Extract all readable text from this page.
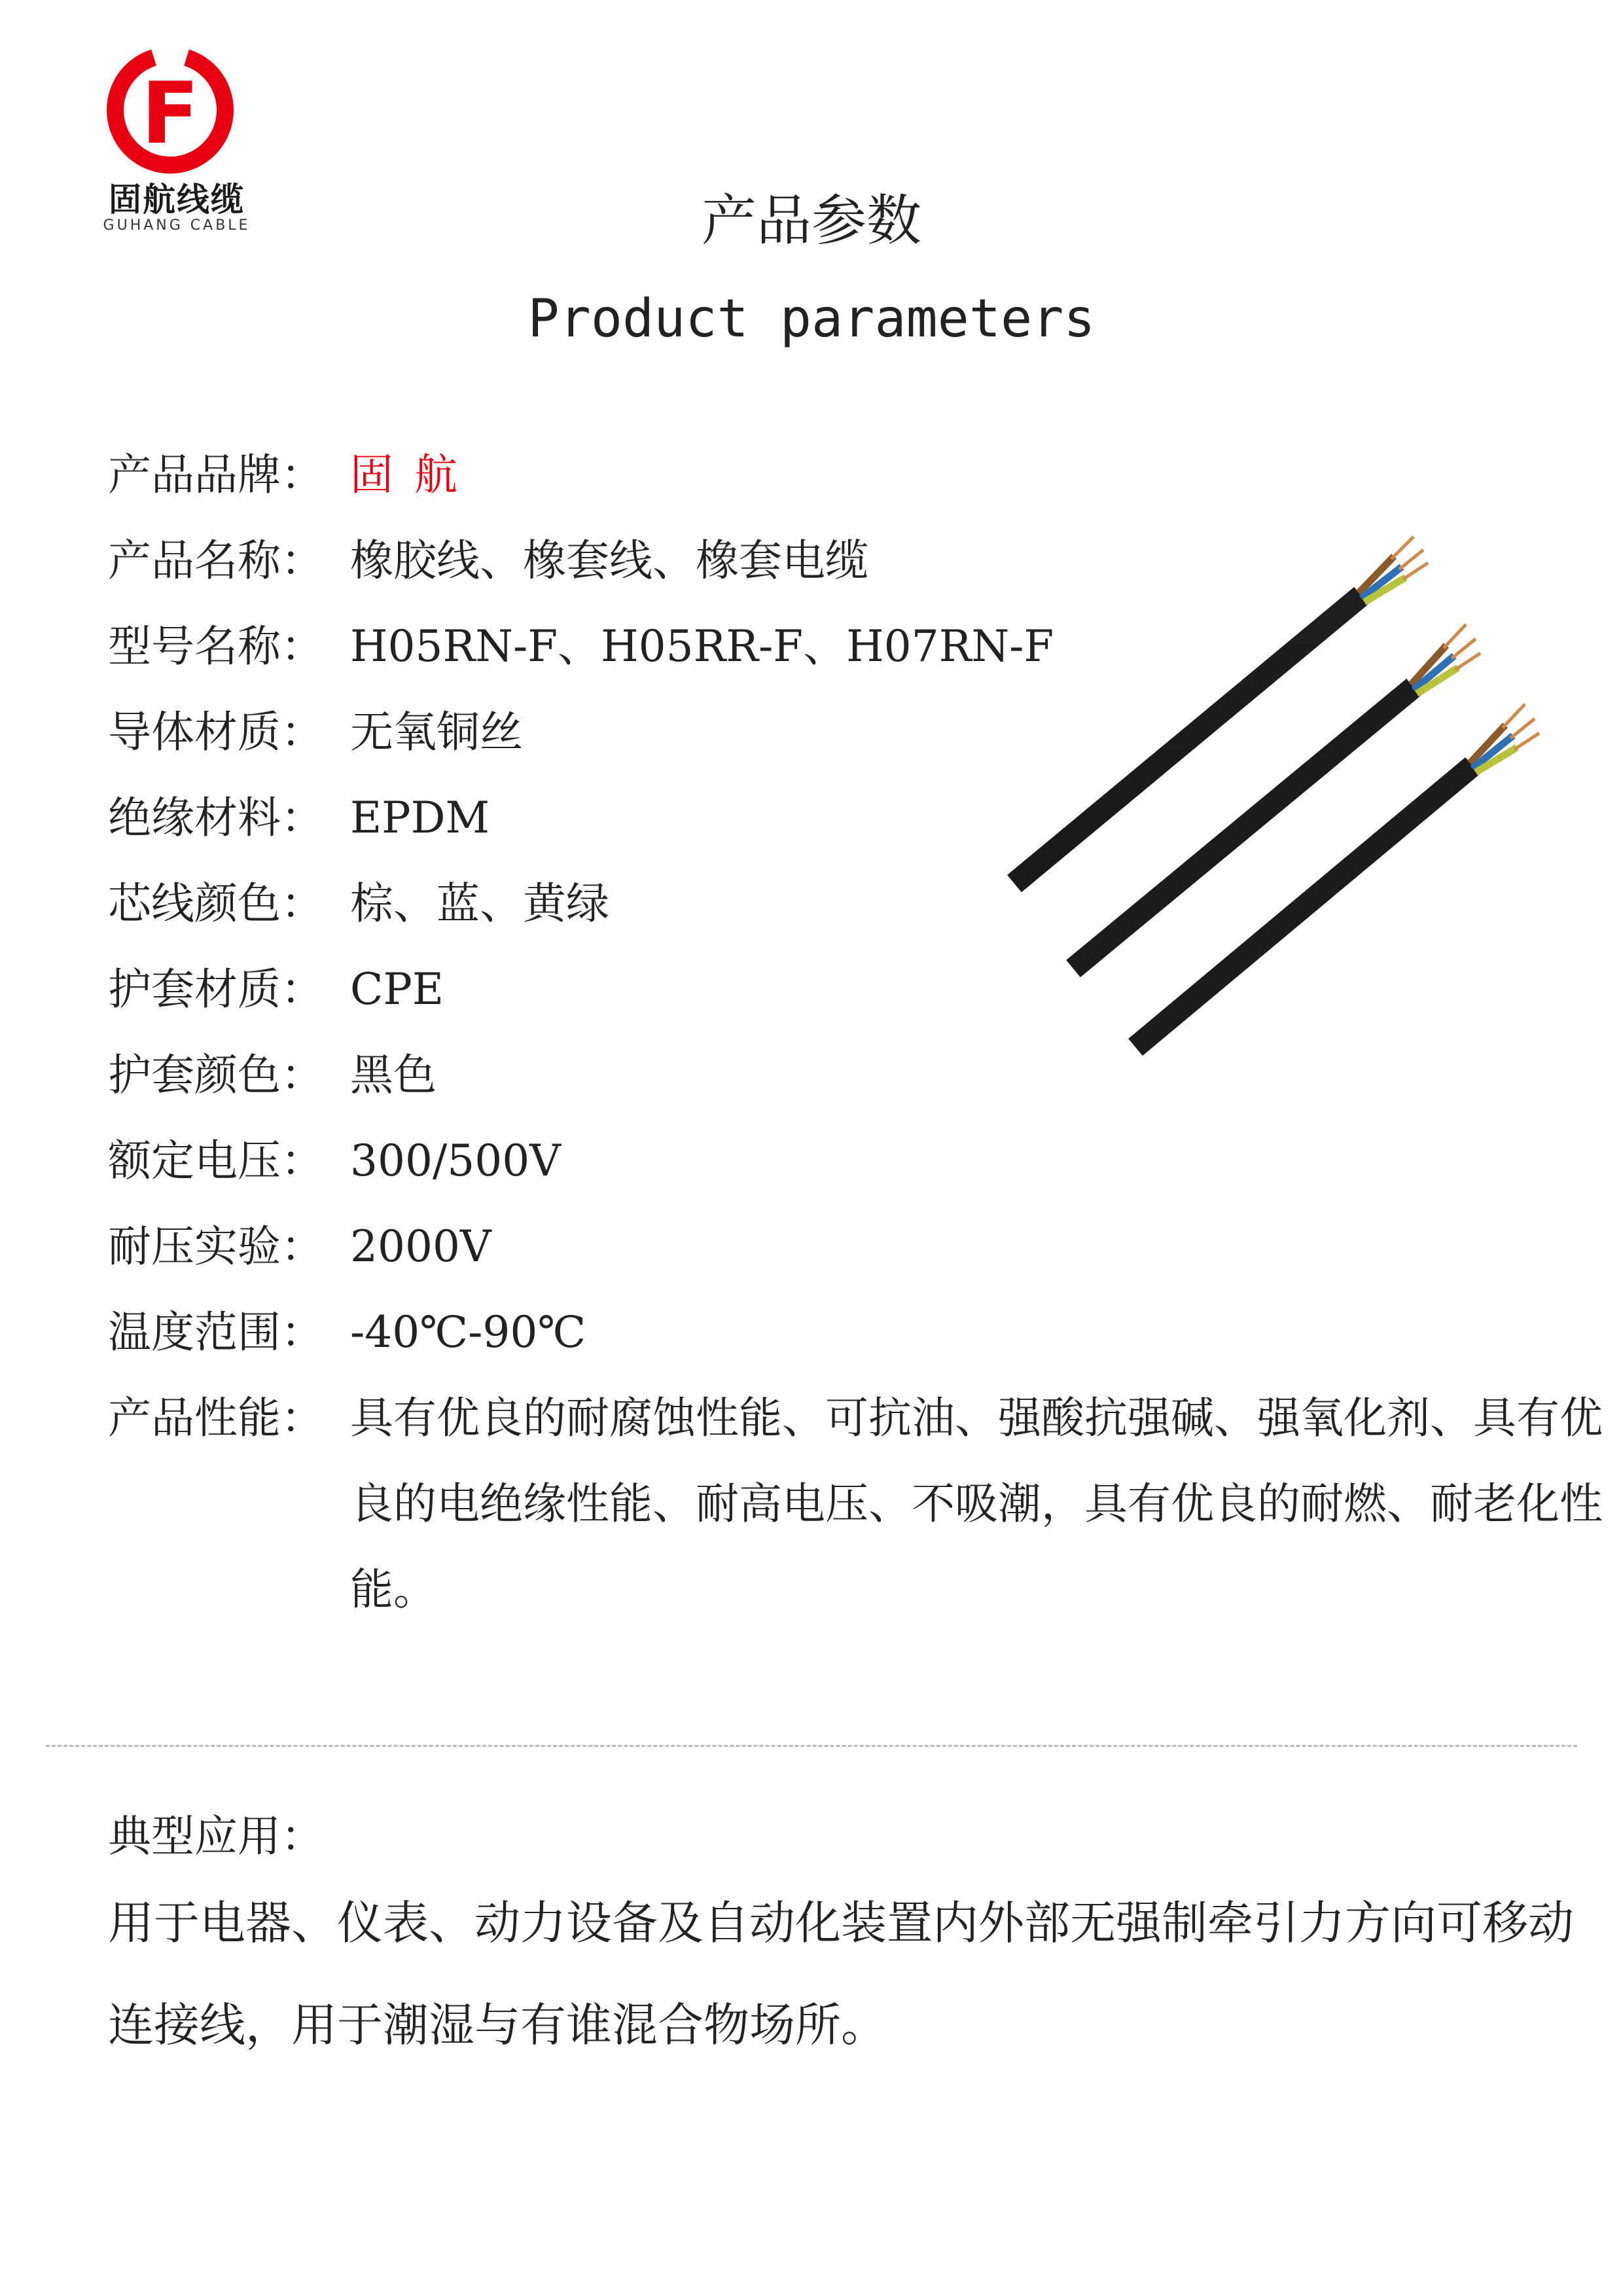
F
固航线缆
GUHANG CABLE	产品参数
Product parameters
产品品牌： 固航
产品名称： 橡胶线、橡套线、橡套电缆
型号名称： H05RN-F、H05RR-F、H07RN-F
导体材质： 无氧铜丝
绝缘材料： EPDM
芯线颜色： 棕、蓝、黄绿
护套材质： CPE
护套颜色： 黑色
额定电压： 300/500V
耐压实验： 2000V
温度范围： -40℃-90℃
产品性能： 具有优良的耐腐蚀性能、可抗油、强酸抗强碱、强氧化剂、具有优良的电绝缘性能、耐高电压、不吸潮，具有优良的耐燃、耐老化性能。
典型应用：
用于电器、仪表、动力设备及自动化装置内外部无强制牵引力方向可移动连接线，用于潮湿与有谁混合物场所。
